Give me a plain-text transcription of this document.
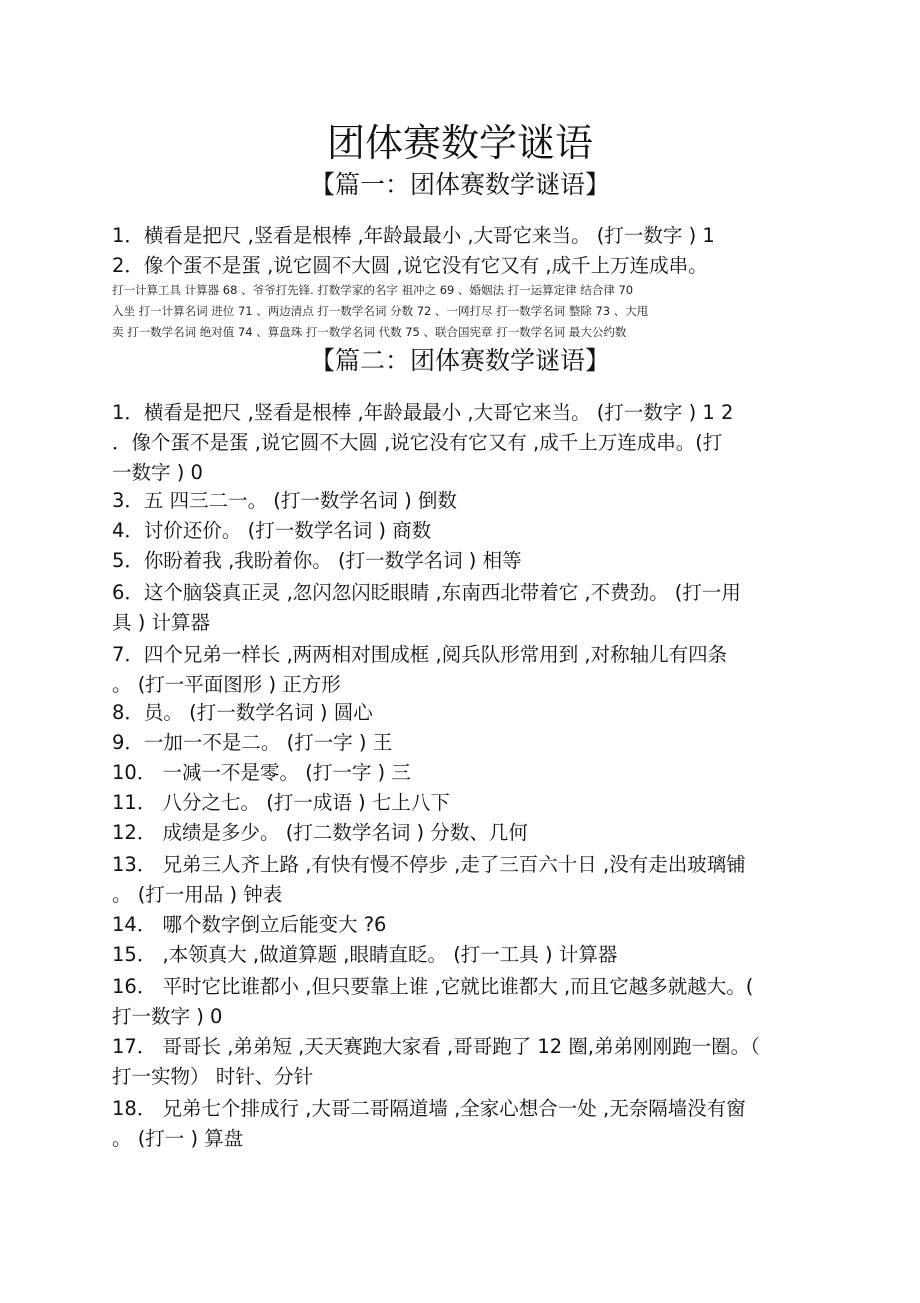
团体赛数学谜语
【篇一：团体赛数学谜语】
1．横看是把尺 ,竖看是根棒 ,年龄最最小 ,大哥它来当。 (打一数字 ) 1
2．像个蛋不是蛋 ,说它圆不大圆 ,说它没有它又有 ,成千上万连成串。
打一计算工具 计算器 68 、爷爷打先锋. 打数学家的名字 祖冲之 69 、婚姻法 打一运算定律 结合律 70
入坐 打一计算名词 进位 71 、两边清点 打一数学名词 分数 72 、一网打尽 打一数学名词 整除 73 、大甩
卖 打一数学名词 绝对值 74 、算盘珠 打一数学名词 代数 75 、联合国宪章 打一数学名词 最大公约数
【篇二：团体赛数学谜语】
1．横看是把尺 ,竖看是根棒 ,年龄最最小 ,大哥它来当。 (打一数字 ) 1 2
．像个蛋不是蛋 ,说它圆不大圆 ,说它没有它又有 ,成千上万连成串。(打
一数字 ) 0
3．五 四三二一。 (打一数学名词 ) 倒数
4．讨价还价。 (打一数学名词 ) 商数
5．你盼着我 ,我盼着你。 (打一数学名词 ) 相等
6．这个脑袋真正灵 ,忽闪忽闪眨眼睛 ,东南西北带着它 ,不费劲。 (打一用
具 ) 计算器
7．四个兄弟一样长 ,两两相对围成框 ,阅兵队形常用到 ,对称轴儿有四条
。 (打一平面图形 ) 正方形
8．员。 (打一数学名词 ) 圆心
9．一加一不是二。 (打一字 ) 王
10． 一减一不是零。 (打一字 ) 三
11． 八分之七。 (打一成语 ) 七上八下
12． 成绩是多少。 (打二数学名词 ) 分数、几何
13． 兄弟三人齐上路 ,有快有慢不停步 ,走了三百六十日 ,没有走出玻璃铺
。 (打一用品 ) 钟表
14． 哪个数字倒立后能变大 ?6
15． ,本领真大 ,做道算题 ,眼睛直眨。 (打一工具 ) 计算器
16． 平时它比谁都小 ,但只要靠上谁 ,它就比谁都大 ,而且它越多就越大。(
打一数字 ) 0
17． 哥哥长 ,弟弟短 ,天天赛跑大家看 ,哥哥跑了 12 圈,弟弟刚刚跑一圈。（
打一实物） 时针、分针
18． 兄弟七个排成行 ,大哥二哥隔道墙 ,全家心想合一处 ,无奈隔墙没有窗
。 (打一 ) 算盘
